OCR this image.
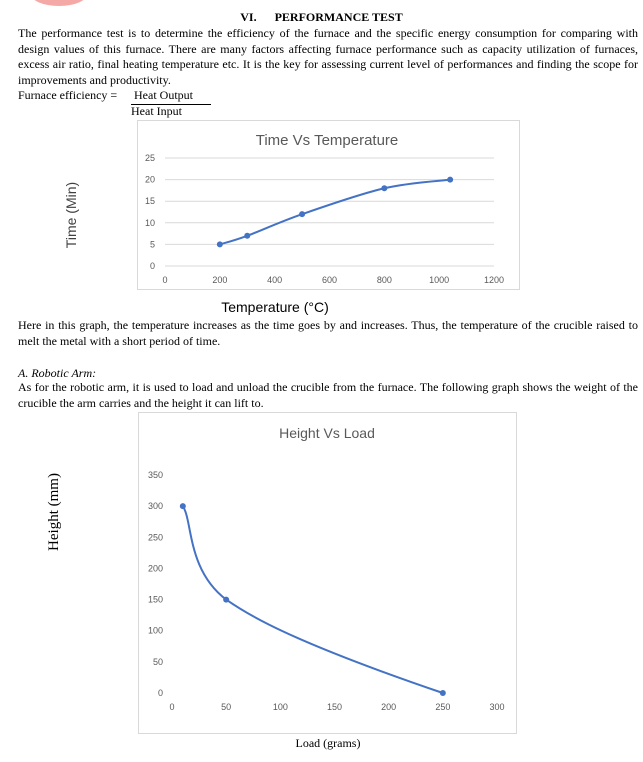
VI.      PERFORMANCE TEST
The performance test is to determine the efficiency of the furnace and the specific energy consumption for comparing with design values of this furnace. There are many factors affecting furnace performance such as capacity utilization of furnaces, excess air ratio, final heating temperature etc. It is the key for assessing current level of performances and finding the scope for improvements and productivity.
Furnace efficiency = Heat Output
Heat Input
Time Vs Temperature
Time (Min)
Temperature (°C)
0
5
10
15
20
25
0	200	400	600	800	1000	1200
Here in this graph, the temperature increases as the time goes by and increases. Thus, the temperature of the crucible raised to melt the metal with a short period of time.
A. Robotic Arm:
As for the robotic arm, it is used to load and unload the crucible from the furnace. The following graph shows the weight of the crucible the arm carries and the height it can lift to.
Height Vs Load
Height (mm)
Load (grams)
0
50
100
150
200
250
300
350
0	50	100	150	200	250	300
